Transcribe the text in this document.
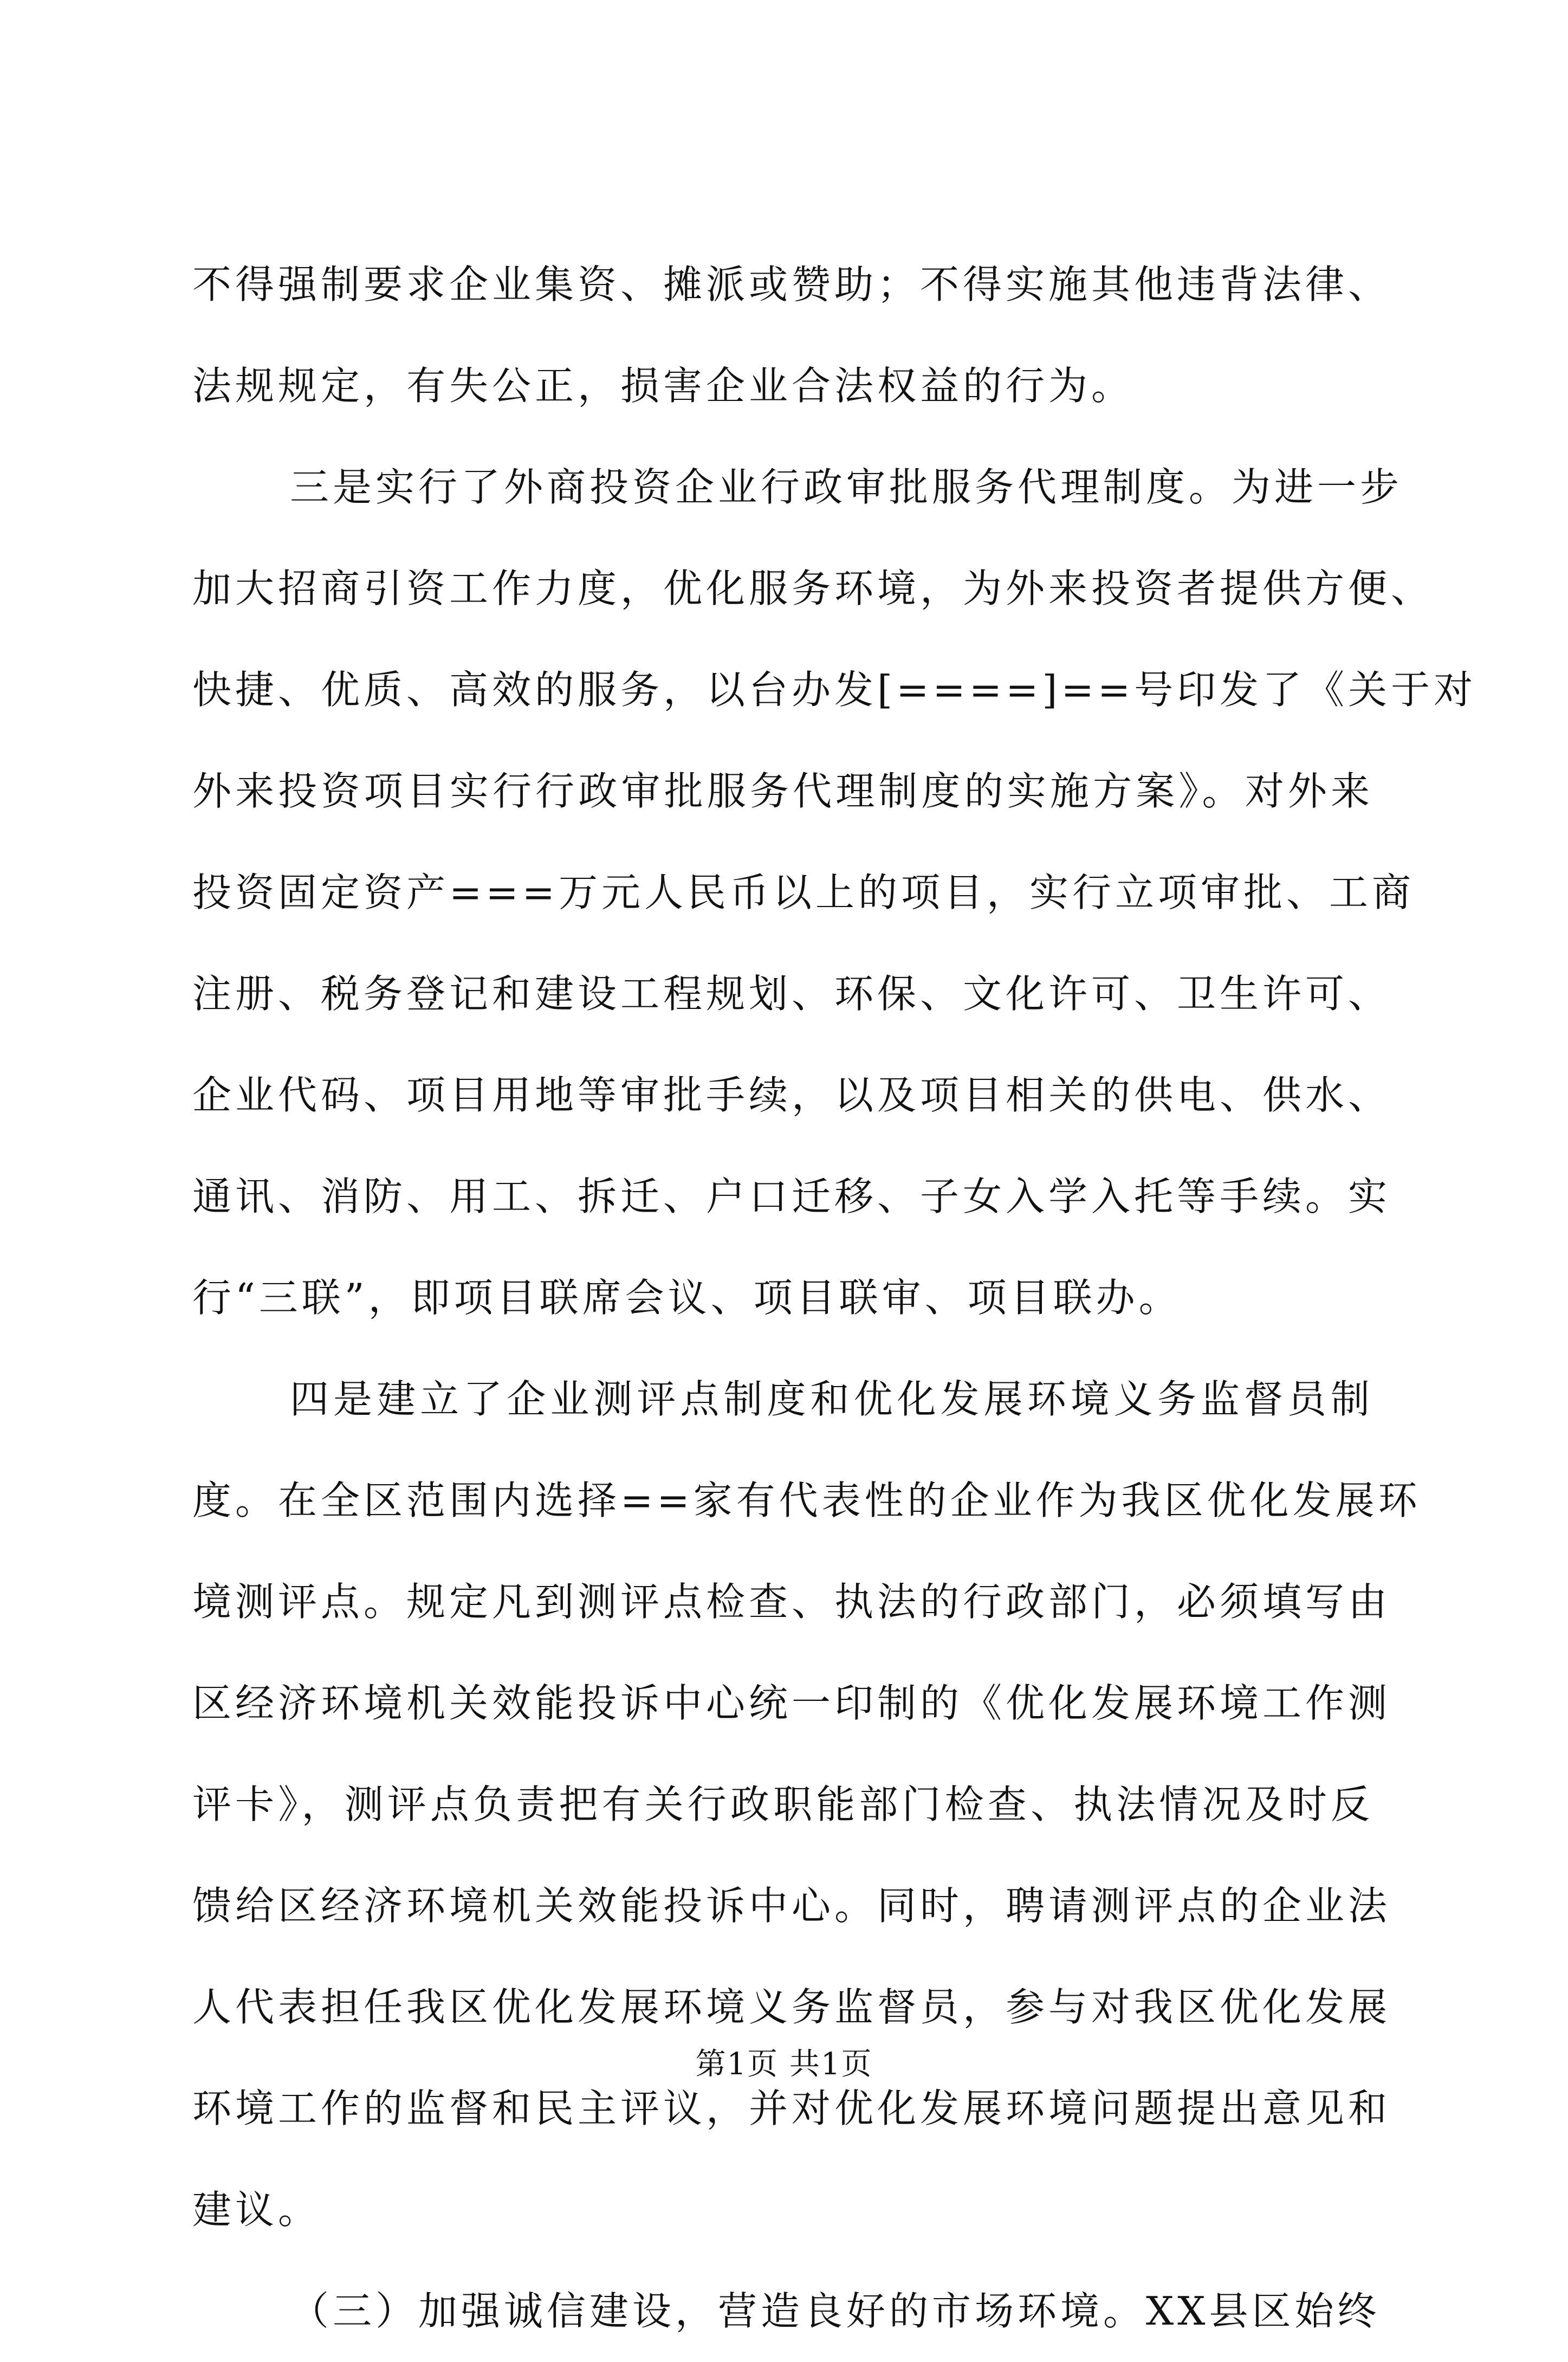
不得强制要求企业集资、摊派或赞助；不得实施其他违背法律、
法规规定，有失公正，损害企业合法权益的行为。
三是实行了外商投资企业行政审批服务代理制度。为进一步
加大招商引资工作力度，优化服务环境，为外来投资者提供方便、
快捷、优质、高效的服务，以台办发[====]==号印发了《关于对
外来投资项目实行行政审批服务代理制度的实施方案》。对外来
投资固定资产===万元人民币以上的项目，实行立项审批、工商
注册、税务登记和建设工程规划、环保、文化许可、卫生许可、
企业代码、项目用地等审批手续，以及项目相关的供电、供水、
通讯、消防、用工、拆迁、户口迁移、子女入学入托等手续。实
行“三联”，即项目联席会议、项目联审、项目联办。
四是建立了企业测评点制度和优化发展环境义务监督员制
度。在全区范围内选择==家有代表性的企业作为我区优化发展环
境测评点。规定凡到测评点检查、执法的行政部门，必须填写由
区经济环境机关效能投诉中心统一印制的《优化发展环境工作测
评卡》，测评点负责把有关行政职能部门检查、执法情况及时反
馈给区经济环境机关效能投诉中心。同时，聘请测评点的企业法
人代表担任我区优化发展环境义务监督员，参与对我区优化发展
环境工作的监督和民主评议，并对优化发展环境问题提出意见和
建议。
（三）加强诚信建设，营造良好的市场环境。XX县区始终
第1页 共1页
